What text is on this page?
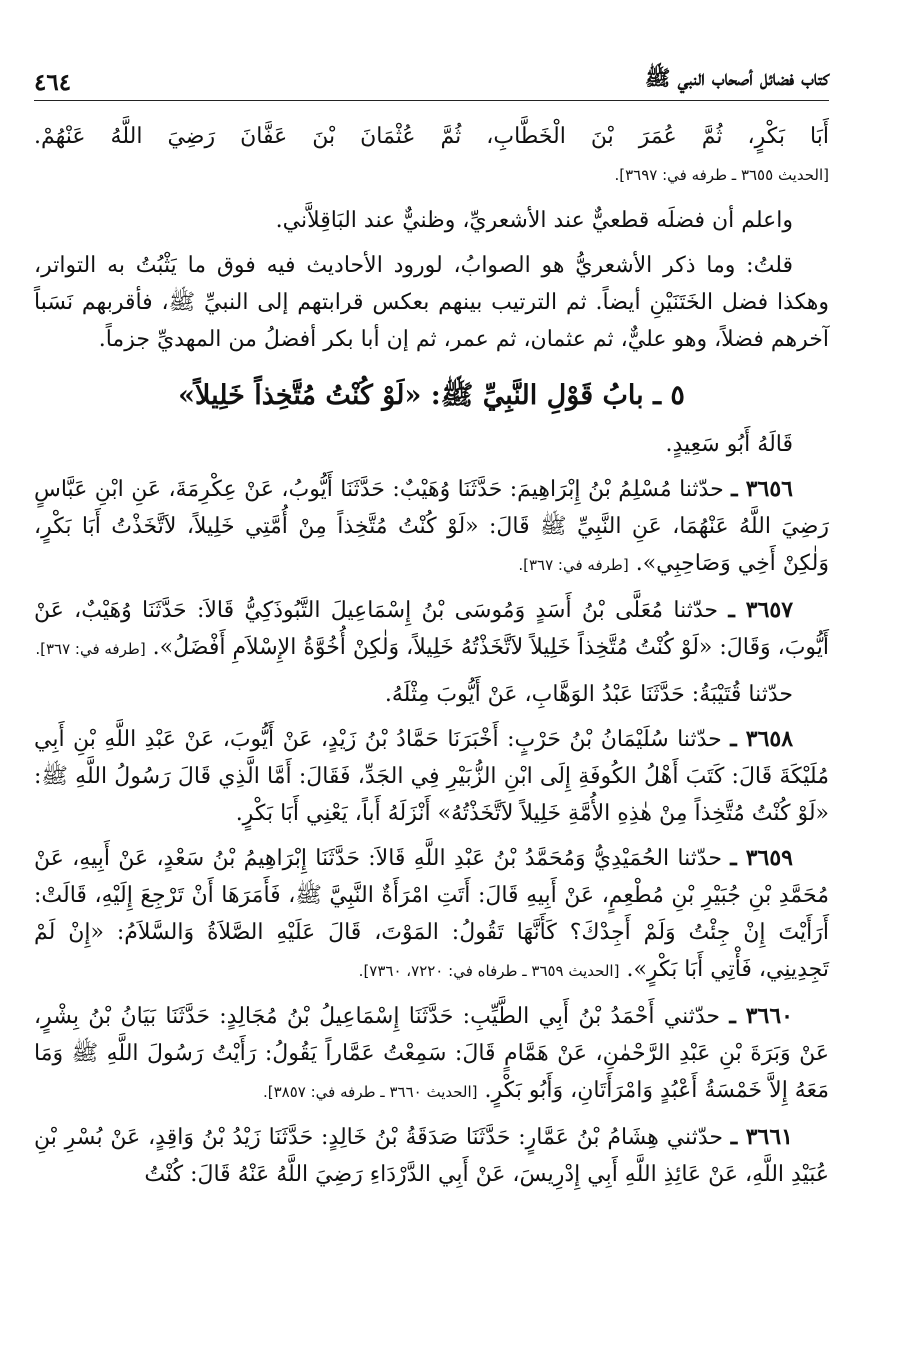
كتاب فضائل أصحاب النبي ﷺ
٤٦٤

أَبَا بَكْرٍ، ثُمَّ عُمَرَ بْنَ الْخَطَّابِ، ثُمَّ عُثْمَانَ بْنَ عَفَّانَ رَضِيَ اللَّهُ عَنْهُمْ. [الحديث ٣٦٥٥ ـ طرفه في: ٣٦٩٧].

واعلم أن فضلَه قطعيٌّ عند الأشعريِّ، وظنيٌّ عند البَاقِلاَّني.

قلتُ: وما ذكر الأشعريُّ هو الصوابُ، لورود الأحاديث فيه فوق ما يَثْبُتُ به التواتر، وهكذا فضل الخَتَنَيْنِ أيضاً. ثم الترتيب بينهم بعكس قرابتهم إلى النبيِّ ﷺ، فأقربهم نَسَباً آخرهم فضلاً، وهو عليٌّ، ثم عثمان، ثم عمر، ثم إن أبا بكر أفضلُ من المهديِّ جزماً.

٥ ـ بابُ قَوْلِ النَّبِيِّ ﷺ: «لَوْ كُنْتُ مُتَّخِذاً خَلِيلاً»

قَالَهُ أَبُو سَعِيدٍ.

٣٦٥٦ ـ حدّثنا مُسْلِمُ بْنُ إِبْرَاهِيمَ: حَدَّثَنَا وُهَيْبٌ: حَدَّثَنَا أَيُّوبُ، عَنْ عِكْرِمَةَ، عَنِ ابْنِ عَبَّاسٍ رَضِيَ اللَّهُ عَنْهُمَا، عَنِ النَّبِيِّ ﷺ قَالَ: «لَوْ كُنْتُ مُتَّخِذاً مِنْ أُمَّتِي خَلِيلاً، لاَتَّخَذْتُ أَبَا بَكْرٍ، وَلٰكِنْ أَخِي وَصَاحِبِي». [طرفه في: ٣٦٧].

٣٦٥٧ ـ حدّثنا مُعَلَّى بْنُ أَسَدٍ وَمُوسَى بْنُ إِسْمَاعِيلَ التَّبُوذَكِيُّ قَالاَ: حَدَّثَنَا وُهَيْبٌ، عَنْ أَيُّوبَ، وَقَالَ: «لَوْ كُنْتُ مُتَّخِذاً خَلِيلاً لاَتَّخَذْتُهُ خَلِيلاً، وَلٰكِنْ أُخُوَّةُ الإِسْلاَمِ أَفْضَلُ». [طرفه في: ٣٦٧].

حدّثنا قُتَيْبَةُ: حَدَّثَنَا عَبْدُ الوَهَّابِ، عَنْ أَيُّوبَ مِثْلَهُ.

٣٦٥٨ ـ حدّثنا سُلَيْمَانُ بْنُ حَرْبٍ: أَخْبَرَنَا حَمَّادُ بْنُ زَيْدٍ، عَنْ أَيُّوبَ، عَنْ عَبْدِ اللَّهِ بْنِ أَبِي مُلَيْكَةَ قَالَ: كَتَبَ أَهْلُ الكُوفَةِ إِلَى ابْنِ الزُّبَيْرِ فِي الجَدِّ، فَقَالَ: أَمَّا الَّذِي قَالَ رَسُولُ اللَّهِ ﷺ: «لَوْ كُنْتُ مُتَّخِذاً مِنْ هٰذِهِ الأُمَّةِ خَلِيلاً لاَتَّخَذْتُهُ» أَنْزَلَهُ أَباً، يَعْنِي أَبَا بَكْرٍ.

٣٦٥٩ ـ حدّثنا الحُمَيْدِيُّ وَمُحَمَّدُ بْنُ عَبْدِ اللَّهِ قَالاَ: حَدَّثَنَا إِبْرَاهِيمُ بْنُ سَعْدٍ، عَنْ أَبِيهِ، عَنْ مُحَمَّدِ بْنِ جُبَيْرِ بْنِ مُطْعِمٍ، عَنْ أَبِيهِ قَالَ: أَتَتِ امْرَأَةٌ النَّبِيَّ ﷺ، فَأَمَرَهَا أَنْ تَرْجِعَ إِلَيْهِ، قَالَتْ: أَرَأَيْتَ إِنْ جِئْتُ وَلَمْ أَجِدْكَ؟ كَأَنَّهَا تَقُولُ: المَوْتَ، قَالَ عَلَيْهِ الصَّلاَةُ وَالسَّلاَمُ: «إِنْ لَمْ تَجِدِينِي، فَأْتِي أَبَا بَكْرٍ». [الحديث ٣٦٥٩ ـ طرفاه في: ٧٢٢٠، ٧٣٦٠].

٣٦٦٠ ـ حدّثني أَحْمَدُ بْنُ أَبِي الطَّيِّبِ: حَدَّثَنَا إِسْمَاعِيلُ بْنُ مُجَالِدٍ: حَدَّثَنَا بَيَانُ بْنُ بِشْرٍ، عَنْ وَبَرَةَ بْنِ عَبْدِ الرَّحْمٰنِ، عَنْ هَمَّامٍ قَالَ: سَمِعْتُ عَمَّاراً يَقُولُ: رَأَيْتُ رَسُولَ اللَّهِ ﷺ وَمَا مَعَهُ إِلاَّ خَمْسَةُ أَعْبُدٍ وَامْرَأَتَانِ، وَأَبُو بَكْرٍ. [الحديث ٣٦٦٠ ـ طرفه في: ٣٨٥٧].

٣٦٦١ ـ حدّثني هِشَامُ بْنُ عَمَّارٍ: حَدَّثَنَا صَدَقَةُ بْنُ خَالِدٍ: حَدَّثَنَا زَيْدُ بْنُ وَاقِدٍ، عَنْ بُسْرِ بْنِ عُبَيْدِ اللَّهِ، عَنْ عَائِذِ اللَّهِ أَبِي إِدْرِيسَ، عَنْ أَبِي الدَّرْدَاءِ رَضِيَ اللَّهُ عَنْهُ قَالَ: كُنْتُ
